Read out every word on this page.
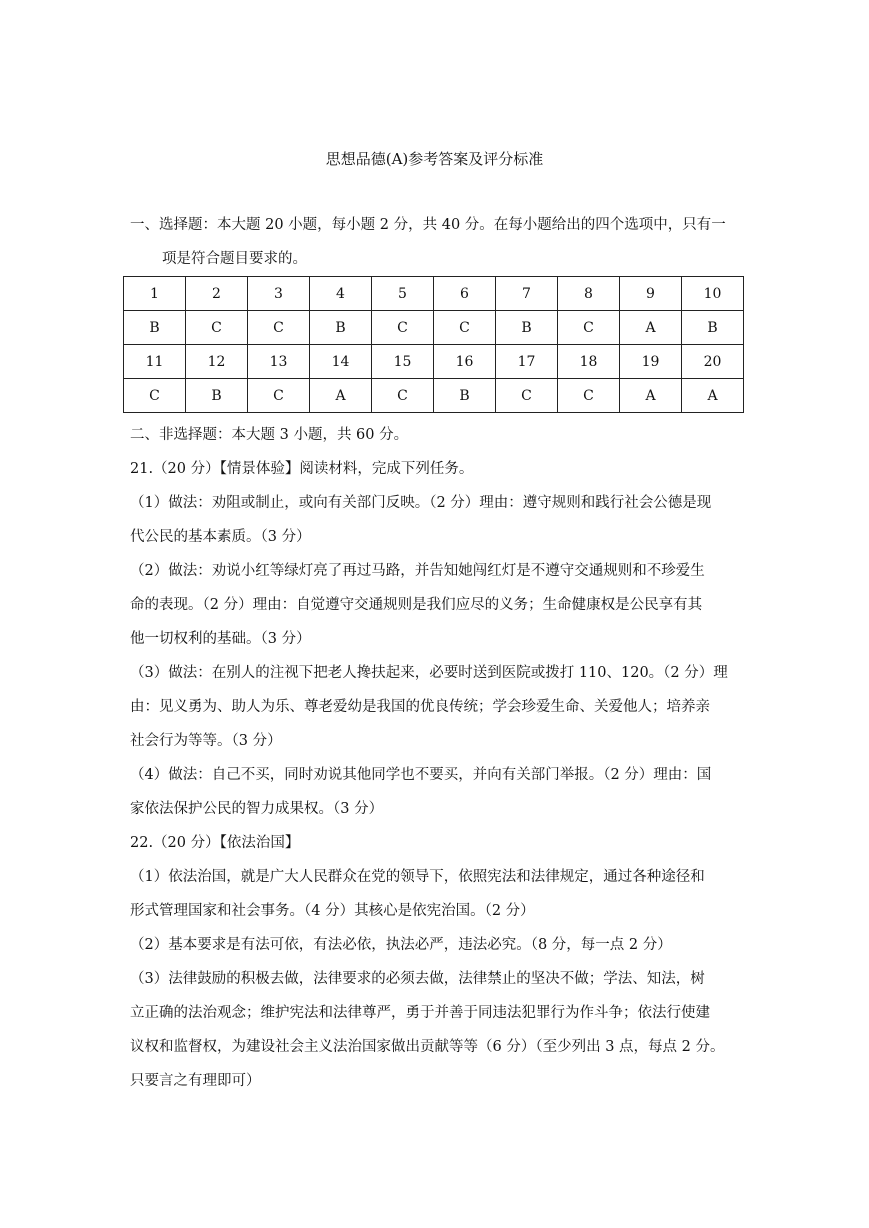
思想品德(A)参考答案及评分标准
一、选择题：本大题 20 小题，每小题 2 分，共 40 分。在每小题给出的四个选项中，只有一
项是符合题目要求的。
1	2	3	4	5	6	7	8	9	10
B	C	C	B	C	C	B	C	A	B
11	12	13	14	15	16	17	18	19	20
C	B	C	A	C	B	C	C	A	A
二、非选择题：本大题 3 小题，共 60 分。
21.（20 分）【情景体验】阅读材料，完成下列任务。
（1）做法：劝阻或制止，或向有关部门反映。（2 分）理由：遵守规则和践行社会公德是现
代公民的基本素质。（3 分）
（2）做法：劝说小红等绿灯亮了再过马路，并告知她闯红灯是不遵守交通规则和不珍爱生
命的表现。（2 分）理由：自觉遵守交通规则是我们应尽的义务；生命健康权是公民享有其
他一切权利的基础。（3 分）
（3）做法：在别人的注视下把老人搀扶起来，必要时送到医院或拨打 110、120。（2 分）理
由：见义勇为、助人为乐、尊老爱幼是我国的优良传统；学会珍爱生命、关爱他人；培养亲
社会行为等等。（3 分）
（4）做法：自己不买，同时劝说其他同学也不要买，并向有关部门举报。（2 分）理由：国
家依法保护公民的智力成果权。（3 分）
22.（20 分）【依法治国】
（1）依法治国，就是广大人民群众在党的领导下，依照宪法和法律规定，通过各种途径和
形式管理国家和社会事务。（4 分）其核心是依宪治国。（2 分）
（2）基本要求是有法可依，有法必依，执法必严，违法必究。（8 分，每一点 2 分）
（3）法律鼓励的积极去做，法律要求的必须去做，法律禁止的坚决不做；学法、知法，树
立正确的法治观念；维护宪法和法律尊严，勇于并善于同违法犯罪行为作斗争；依法行使建
议权和监督权，为建设社会主义法治国家做出贡献等等（6 分）（至少列出 3 点，每点 2 分。
只要言之有理即可）
